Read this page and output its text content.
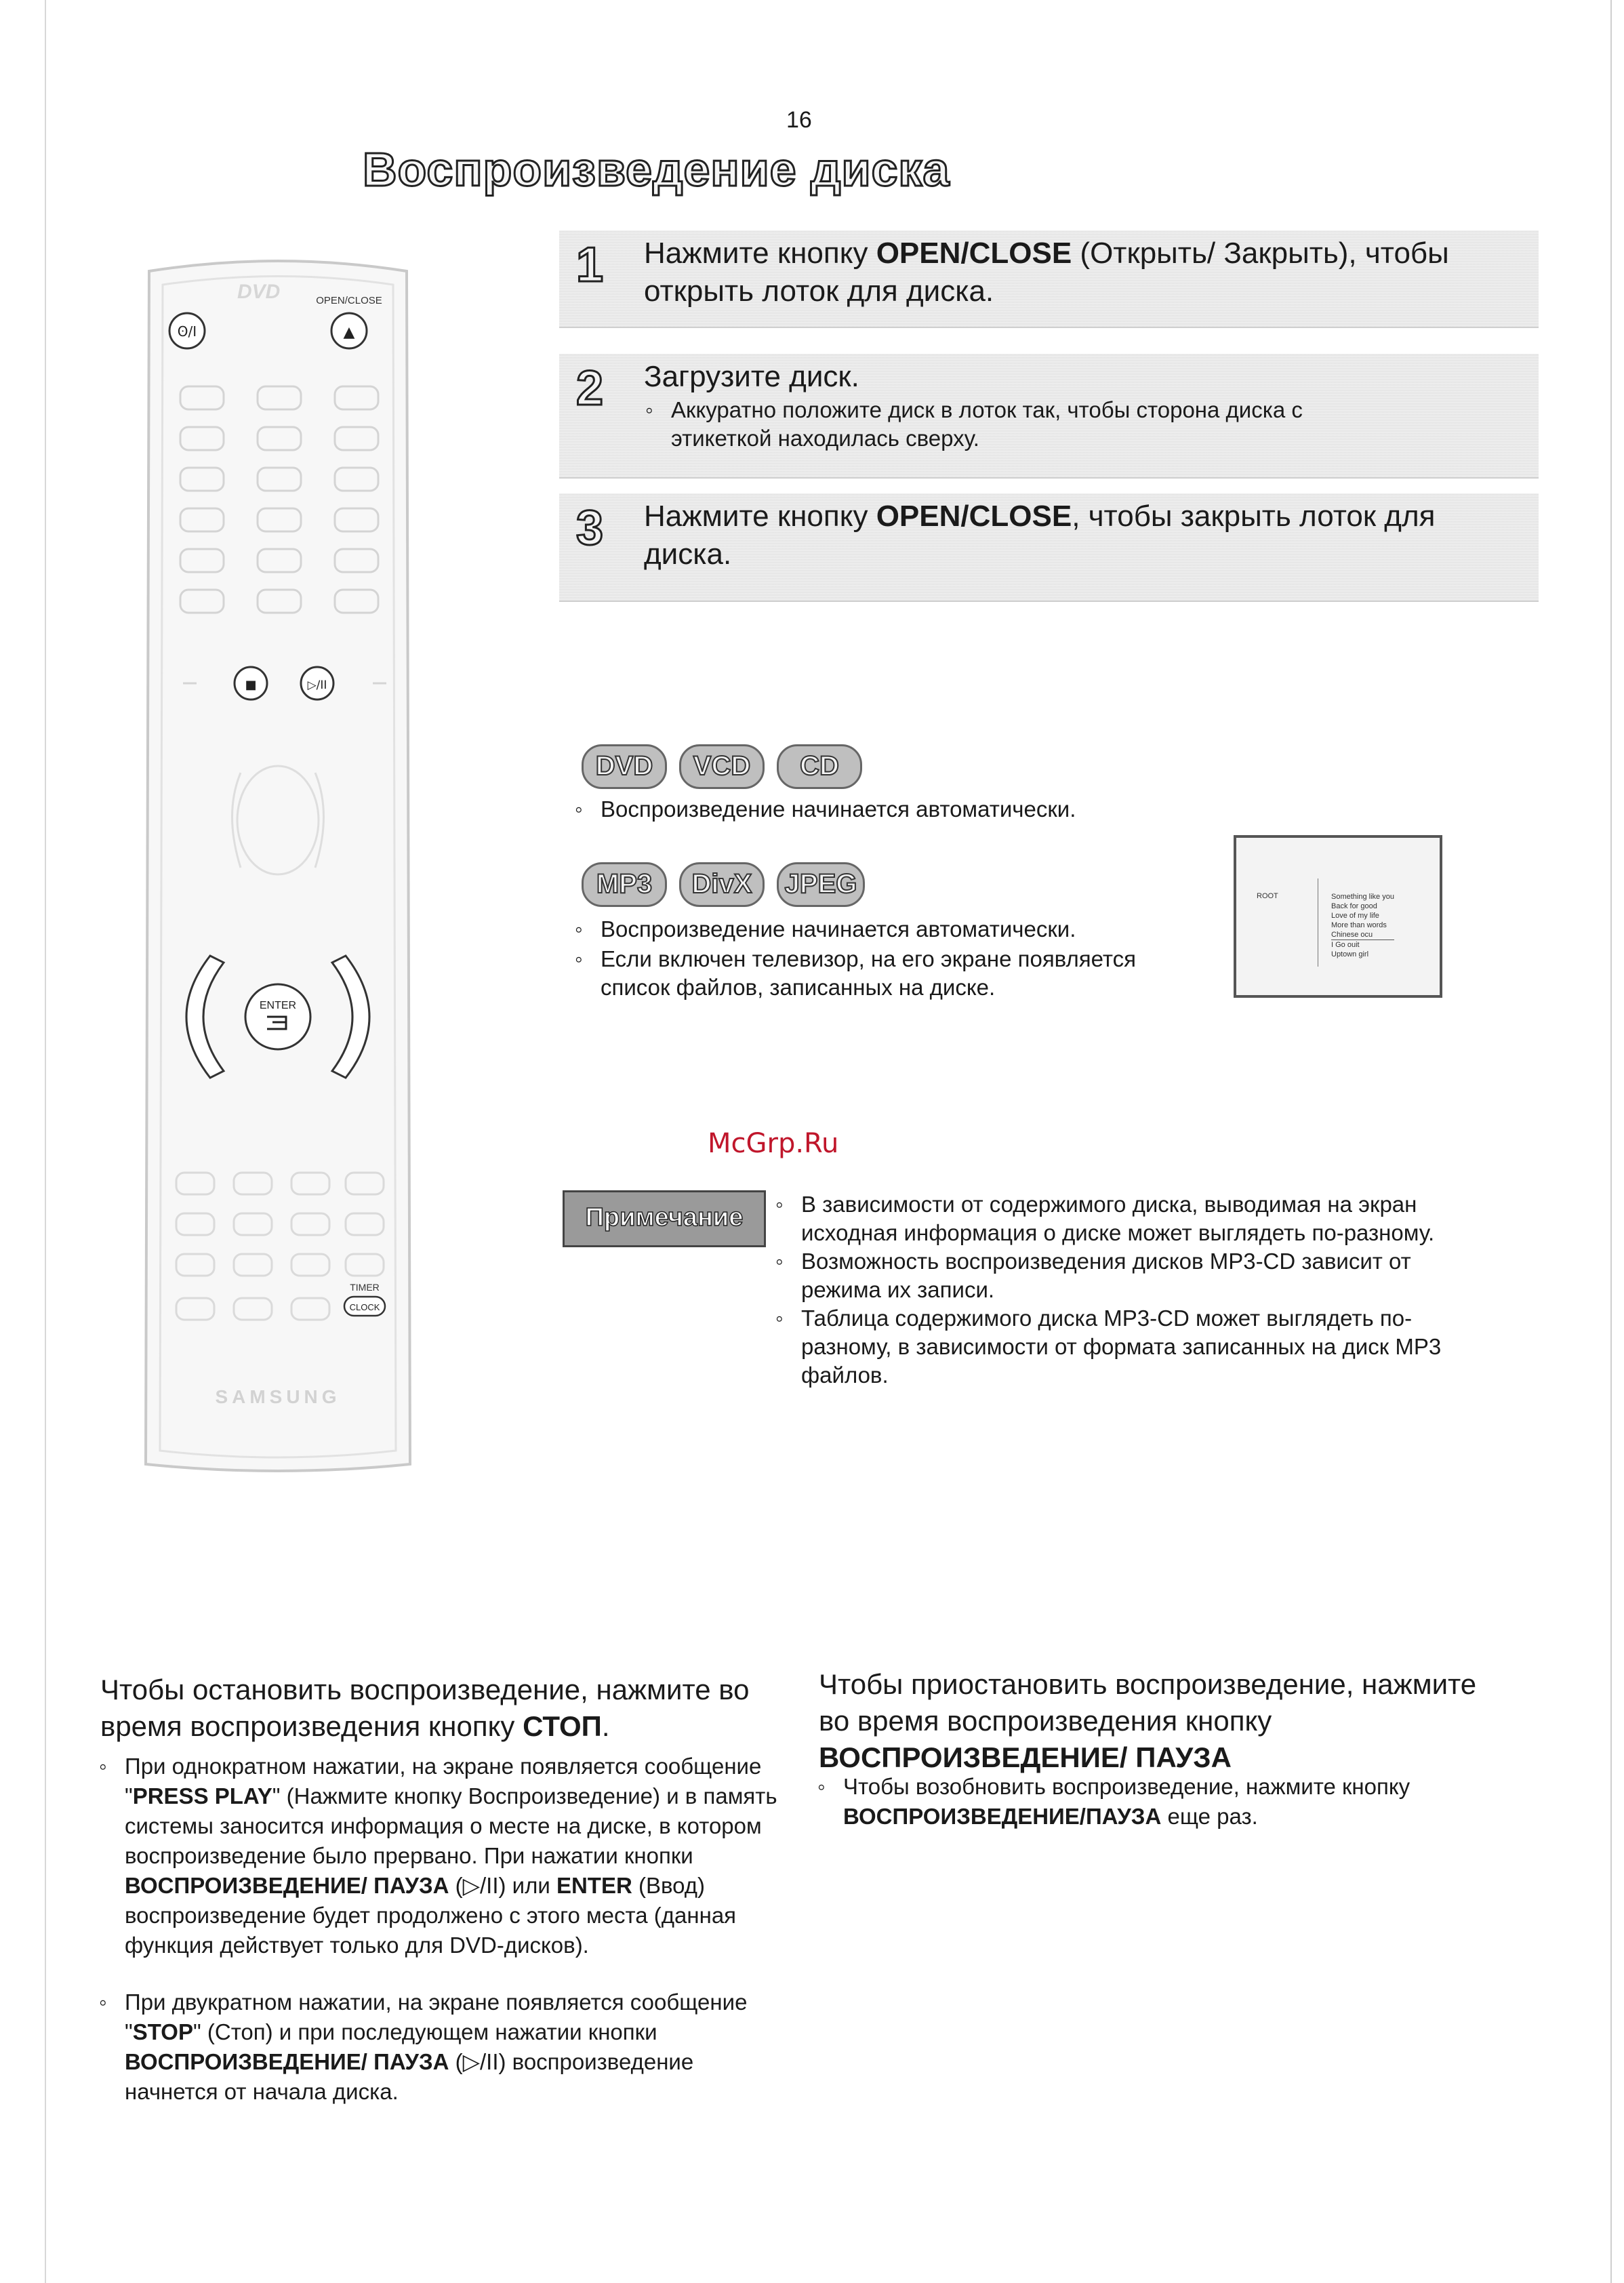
16
Воспроизведение диска
DVD	OPEN/CLOSE
ʘ/I	▲
■	▷/II
ENTER
TIMER
CLOCK
SAMSUNG
1 Нажмите кнопку OPEN/CLOSE (Открыть/ Закрыть), чтобы открыть лоток для диска.
2 Загрузите диск.
◦ Аккуратно положите диск в лоток так, чтобы сторона диска с этикеткой находилась сверху.
3 Нажмите кнопку OPEN/CLOSE, чтобы закрыть лоток для диска.
DVD	VCD	CD
◦ Воспроизведение начинается автоматически.
MP3	DivX	JPEG
◦ Воспроизведение начинается автоматически.
◦ Если включен телевизор, на его экране появляется список файлов, записанных на диске.
ROOT	Something like you
Back for good
Love of my life
More than words
Chinese ocu
I Go ouit
Uptown girl
McGrp.Ru
Примечание
◦	В зависимости от содержимого диска, выводимая на экран исходная информация о диске может выглядеть по-разному.
◦ Возможность воспроизведения дисков MP3-CD зависит от режима их записи.
◦ Таблица содержимого диска MP3-CD может выглядеть по-разному, в зависимости от формата записанных на диск MP3 файлов.
Чтобы остановить воспроизведение, нажмите во время воспроизведения кнопку СТОП.
◦ При однократном нажатии, на экране появляется сообщение "PRESS PLAY" (Нажмите кнопку Воспроизведение) и в память системы заносится информация о месте на диске, в котором воспроизведение было прервано. При нажатии кнопки ВОСПРОИЗВЕДЕНИЕ/ ПАУЗА (▷/II) или ENTER (Ввод) воспроизведение будет продолжено с этого места (данная функция действует только для DVD-дисков).
◦ При двукратном нажатии, на экране появляется сообщение "STOP" (Стоп) и при последующем нажатии кнопки ВОСПРОИЗВЕДЕНИЕ/ ПАУЗА (▷/II) воспроизведение начнется от начала диска.
Чтобы приостановить воспроизведение, нажмите во время воспроизведения кнопку ВОСПРОИЗВЕДЕНИЕ/ ПАУЗА
◦ Чтобы возобновить воспроизведение, нажмите кнопку ВОСПРОИЗВЕДЕНИЕ/ПАУЗА еще раз.
